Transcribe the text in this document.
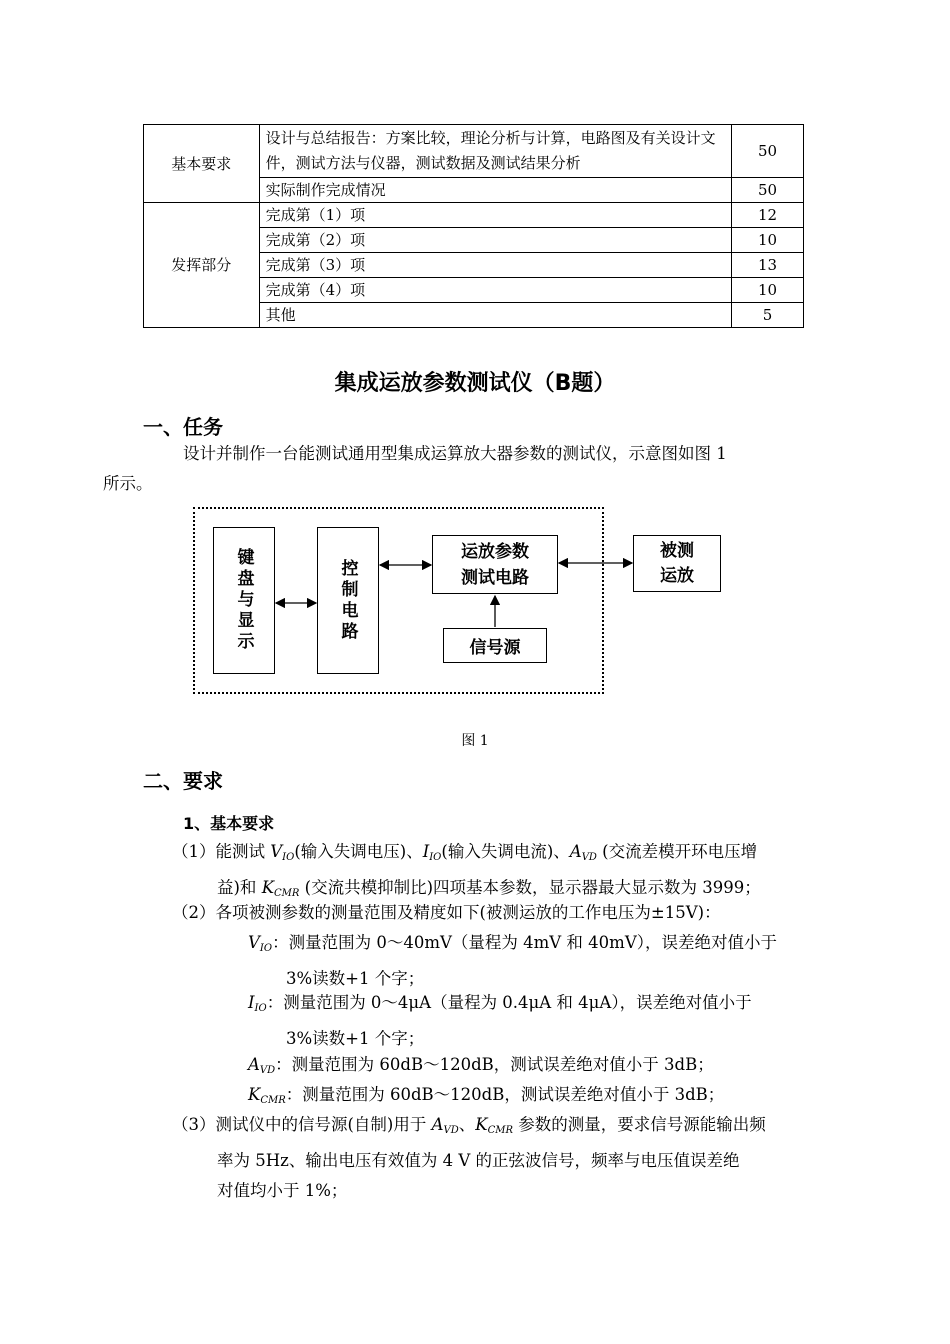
基本要求	设计与总结报告：方案比较，理论分析与计算，电路图及有关设计文件，测试方法与仪器，测试数据及测试结果分析	50
	实际制作完成情况	50
发挥部分	完成第（1）项	12
	完成第（2）项	10
	完成第（3）项	13
	完成第（4）项	10
	其他	5
集成运放参数测试仪（B题）
一、任务
设计并制作一台能测试通用型集成运算放大器参数的测试仪，示意图如图 1
所示。
键盘与显示	控制电路
运放参数
测试电路
被测
运放
信号源
图 1
二、要求
1、基本要求
（1）能测试 $V_{IO}$(输入失调电压)、$I_{IO}$(输入失调电流)、$A_{VD}$ (交流差模开环电压增
益)和 $K_{CMR}$ (交流共模抑制比)四项基本参数，显示器最大显示数为 3999；
（2）各项被测参数的测量范围及精度如下(被测运放的工作电压为±15V)：
$V_{IO}$：测量范围为 0～40mV（量程为 4mV 和 40mV），误差绝对值小于
3%读数+1 个字；
$I_{IO}$：测量范围为 0～4μA（量程为 0.4μA 和 4μA），误差绝对值小于
3%读数+1 个字；
$A_{VD}$：测量范围为 60dB～120dB，测试误差绝对值小于 3dB；
$K_{CMR}$：测量范围为 60dB～120dB，测试误差绝对值小于 3dB；
（3）测试仪中的信号源(自制)用于 $A_{VD}$、$K_{CMR}$ 参数的测量，要求信号源能输出频
率为 5Hz、输出电压有效值为 4 V 的正弦波信号，频率与电压值误差绝
对值均小于 1%；
